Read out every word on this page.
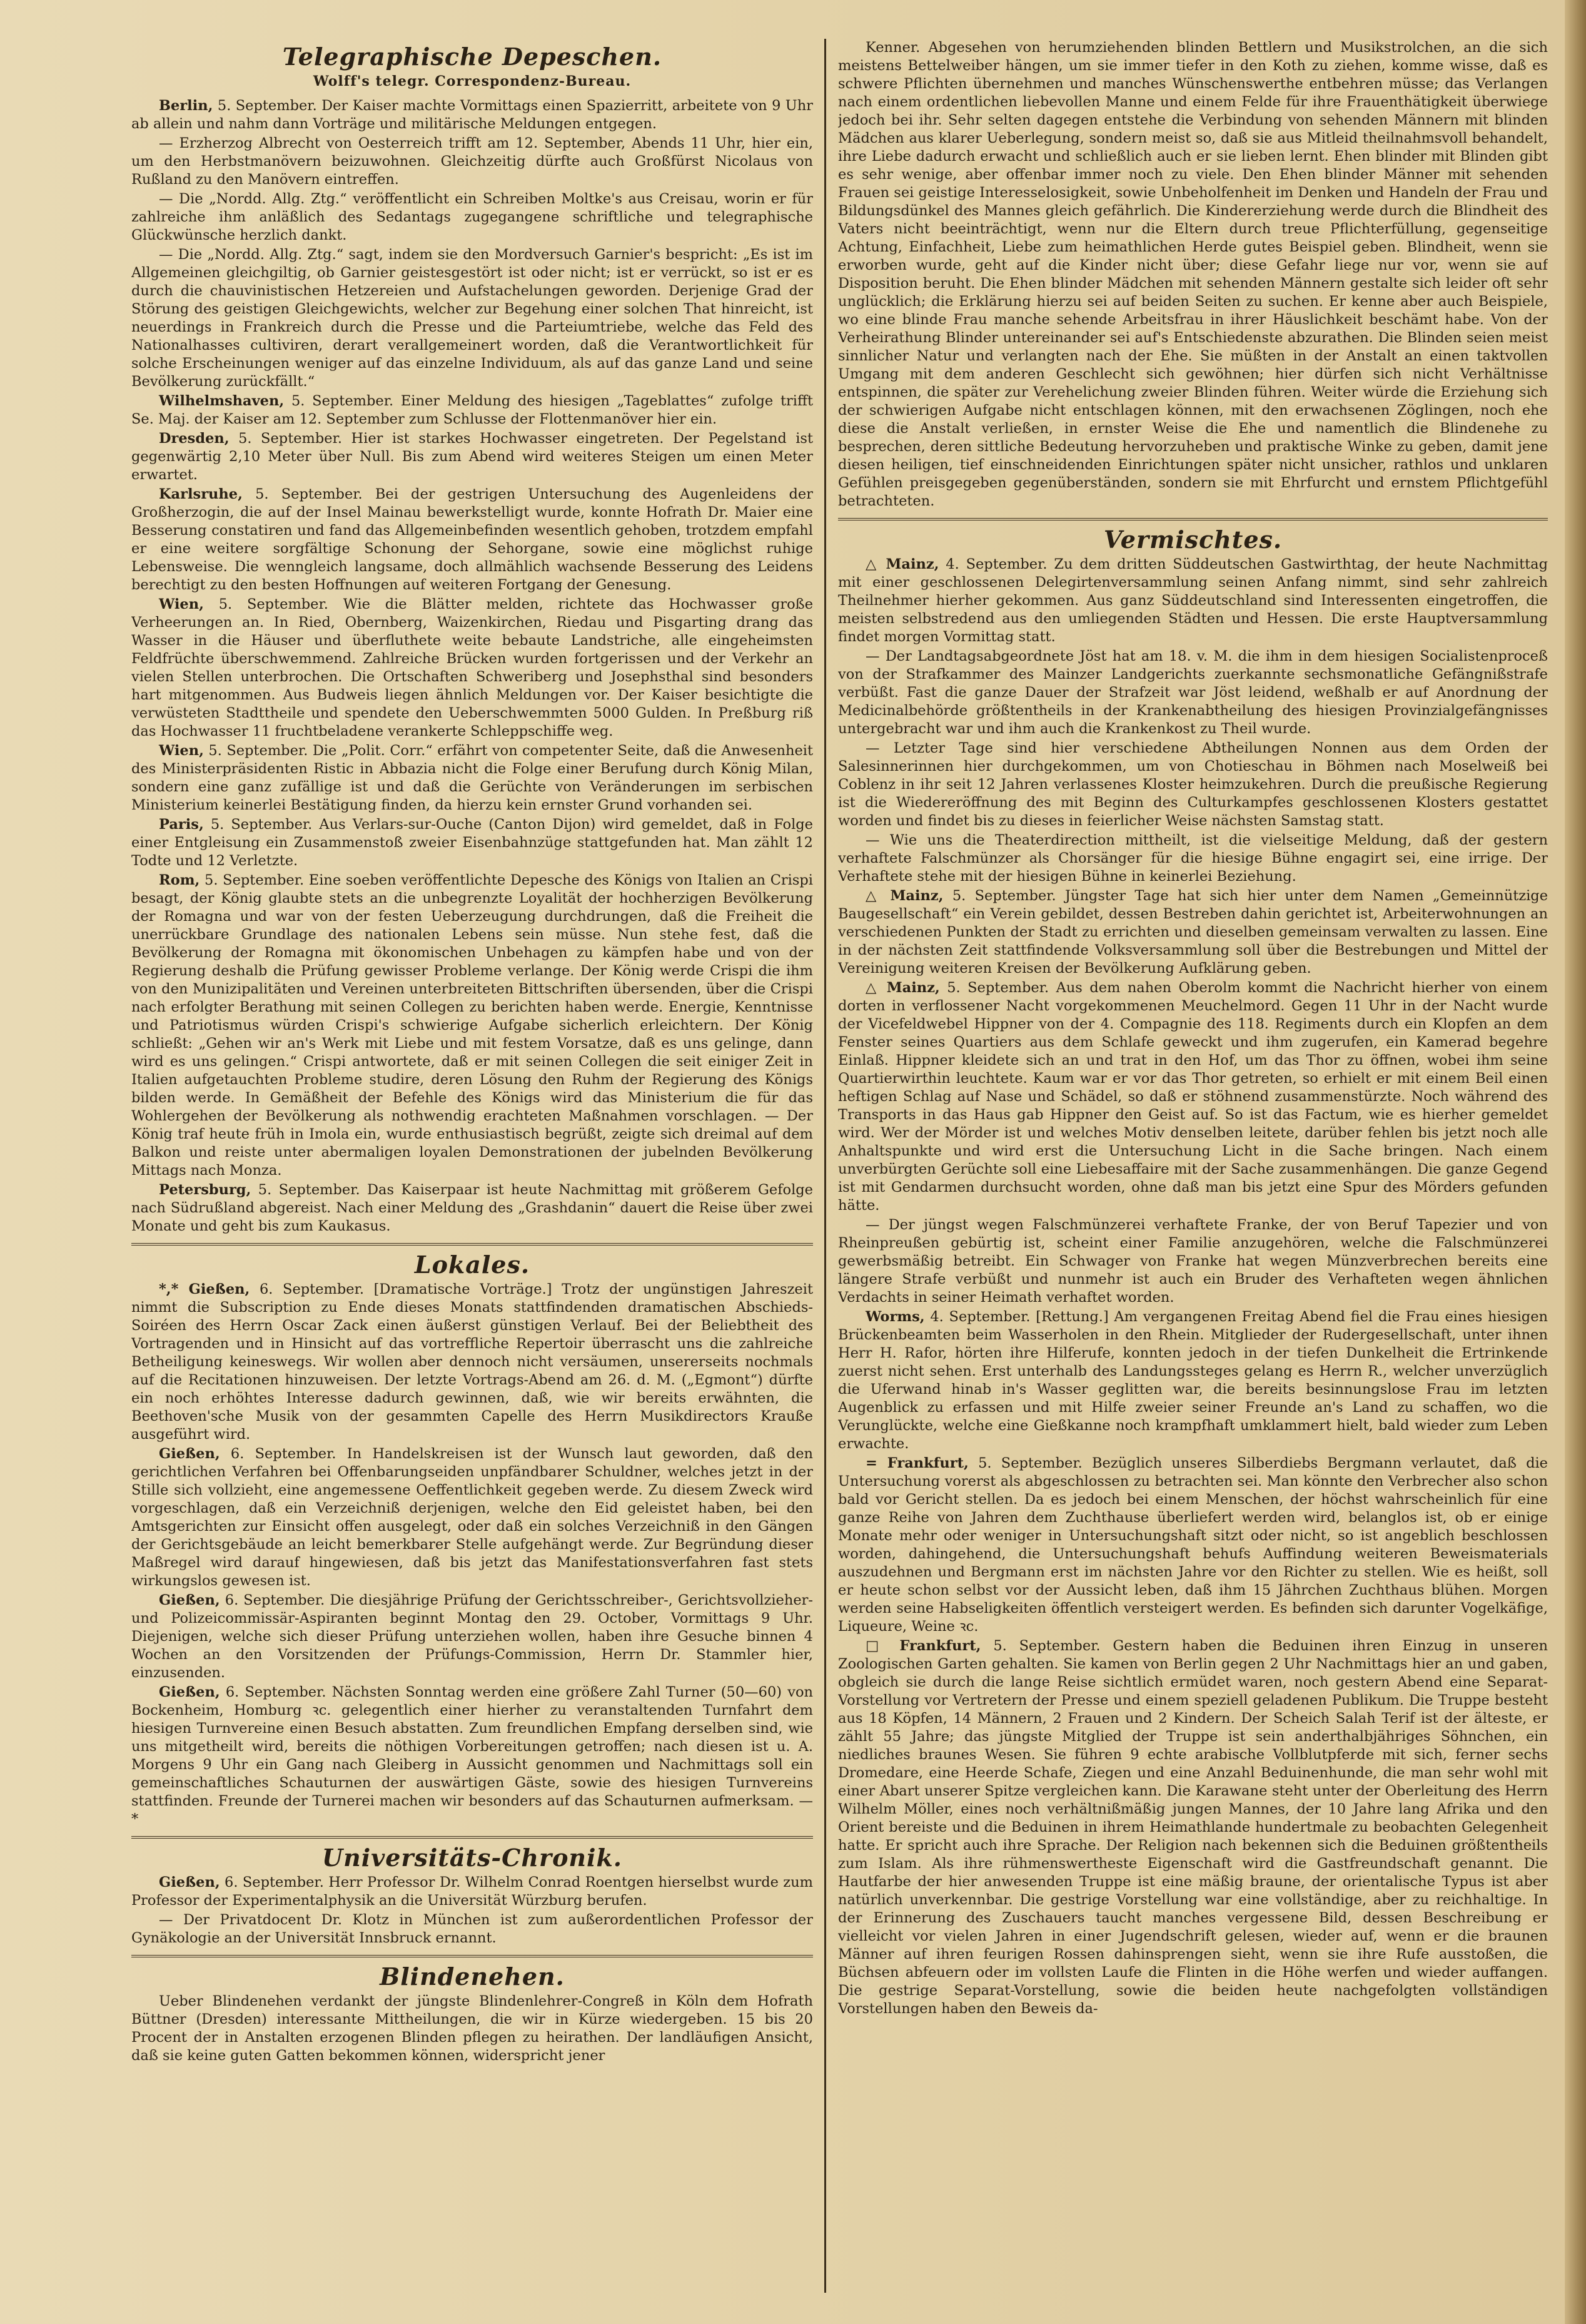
Telegraphische Depeschen.
Wolff's telegr. Correspondenz-Bureau.

Berlin, 5. September. Der Kaiser machte Vormittags einen Spazierritt, arbeitete von 9 Uhr ab allein und nahm dann Vorträge und militärische Meldungen entgegen.

— Erzherzog Albrecht von Oesterreich trifft am 12. September, Abends 11 Uhr, hier ein, um den Herbstmanövern beizuwohnen. Gleichzeitig dürfte auch Großfürst Nicolaus von Rußland zu den Manövern eintreffen.

— Die „Nordd. Allg. Ztg.“ veröffentlicht ein Schreiben Moltke's aus Creisau, worin er für zahlreiche ihm anläßlich des Sedantags zugegangene schriftliche und telegraphische Glückwünsche herzlich dankt.

— Die „Nordd. Allg. Ztg.“ sagt, indem sie den Mordversuch Garnier's bespricht: „Es ist im Allgemeinen gleichgiltig, ob Garnier geistesgestört ist oder nicht; ist er verrückt, so ist er es durch die chauvinistischen Hetzereien und Aufstachelungen geworden. Derjenige Grad der Störung des geistigen Gleichgewichts, welcher zur Begehung einer solchen That hinreicht, ist neuerdings in Frankreich durch die Presse und die Parteiumtriebe, welche das Feld des Nationalhasses cultiviren, derart verallgemeinert worden, daß die Verantwortlichkeit für solche Erscheinungen weniger auf das einzelne Individuum, als auf das ganze Land und seine Bevölkerung zurückfällt.“

Wilhelmshaven, 5. September. Einer Meldung des hiesigen „Tageblattes“ zufolge trifft Se. Maj. der Kaiser am 12. September zum Schlusse der Flottenmanöver hier ein.

Dresden, 5. September. Hier ist starkes Hochwasser eingetreten. Der Pegelstand ist gegenwärtig 2,10 Meter über Null. Bis zum Abend wird weiteres Steigen um einen Meter erwartet.

Karlsruhe, 5. September. Bei der gestrigen Untersuchung des Augenleidens der Großherzogin, die auf der Insel Mainau bewerkstelligt wurde, konnte Hofrath Dr. Maier eine Besserung constatiren und fand das Allgemeinbefinden wesentlich gehoben, trotzdem empfahl er eine weitere sorgfältige Schonung der Sehorgane, sowie eine möglichst ruhige Lebensweise. Die wenngleich langsame, doch allmählich wachsende Besserung des Leidens berechtigt zu den besten Hoffnungen auf weiteren Fortgang der Genesung.

Wien, 5. September. Wie die Blätter melden, richtete das Hochwasser große Verheerungen an. In Ried, Obernberg, Waizenkirchen, Riedau und Pisgarting drang das Wasser in die Häuser und überfluthete weite bebaute Landstriche, alle eingeheimsten Feldfrüchte überschwemmend. Zahlreiche Brücken wurden fortgerissen und der Verkehr an vielen Stellen unterbrochen. Die Ortschaften Schweriberg und Josephsthal sind besonders hart mitgenommen. Aus Budweis liegen ähnlich Meldungen vor. Der Kaiser besichtigte die verwüsteten Stadttheile und spendete den Ueberschwemmten 5000 Gulden. In Preßburg riß das Hochwasser 11 fruchtbeladene verankerte Schleppschiffe weg.

Wien, 5. September. Die „Polit. Corr.“ erfährt von competenter Seite, daß die Anwesenheit des Ministerpräsidenten Ristic in Abbazia nicht die Folge einer Berufung durch König Milan, sondern eine ganz zufällige ist und daß die Gerüchte von Veränderungen im serbischen Ministerium keinerlei Bestätigung finden, da hierzu kein ernster Grund vorhanden sei.

Paris, 5. September. Aus Verlars-sur-Ouche (Canton Dijon) wird gemeldet, daß in Folge einer Entgleisung ein Zusammenstoß zweier Eisenbahnzüge stattgefunden hat. Man zählt 12 Todte und 12 Verletzte.

Rom, 5. September. Eine soeben veröffentlichte Depesche des Königs von Italien an Crispi besagt, der König glaubte stets an die unbegrenzte Loyalität der hochherzigen Bevölkerung der Romagna und war von der festen Ueberzeugung durchdrungen, daß die Freiheit die unerrückbare Grundlage des nationalen Lebens sein müsse. Nun stehe fest, daß die Bevölkerung der Romagna mit ökonomischen Unbehagen zu kämpfen habe und von der Regierung deshalb die Prüfung gewisser Probleme verlange. Der König werde Crispi die ihm von den Munizipalitäten und Vereinen unterbreiteten Bittschriften übersenden, über die Crispi nach erfolgter Berathung mit seinen Collegen zu berichten haben werde. Energie, Kenntnisse und Patriotismus würden Crispi's schwierige Aufgabe sicherlich erleichtern. Der König schließt: „Gehen wir an's Werk mit Liebe und mit festem Vorsatze, daß es uns gelinge, dann wird es uns gelingen.“ Crispi antwortete, daß er mit seinen Collegen die seit einiger Zeit in Italien aufgetauchten Probleme studire, deren Lösung den Ruhm der Regierung des Königs bilden werde. In Gemäßheit der Befehle des Königs wird das Ministerium die für das Wohlergehen der Bevölkerung als nothwendig erachteten Maßnahmen vorschlagen. — Der König traf heute früh in Imola ein, wurde enthusiastisch begrüßt, zeigte sich dreimal auf dem Balkon und reiste unter abermaligen loyalen Demonstrationen der jubelnden Bevölkerung Mittags nach Monza.

Petersburg, 5. September. Das Kaiserpaar ist heute Nachmittag mit größerem Gefolge nach Südrußland abgereist. Nach einer Meldung des „Grashdanin“ dauert die Reise über zwei Monate und geht bis zum Kaukasus.

Lokales.

*,* Gießen, 6. September. [Dramatische Vorträge.] Trotz der ungünstigen Jahreszeit nimmt die Subscription zu Ende dieses Monats stattfindenden dramatischen Abschieds-Soiréen des Herrn Oscar Zack einen äußerst günstigen Verlauf. Bei der Beliebtheit des Vortragenden und in Hinsicht auf das vortreffliche Repertoir überrascht uns die zahlreiche Betheiligung keineswegs. Wir wollen aber dennoch nicht versäumen, unsererseits nochmals auf die Recitationen hinzuweisen. Der letzte Vortrags-Abend am 26. d. M. („Egmont“) dürfte ein noch erhöhtes Interesse dadurch gewinnen, daß, wie wir bereits erwähnten, die Beethoven'sche Musik von der gesammten Capelle des Herrn Musikdirectors Krauße ausgeführt wird.

Gießen, 6. September. In Handelskreisen ist der Wunsch laut geworden, daß den gerichtlichen Verfahren bei Offenbarungseiden unpfändbarer Schuldner, welches jetzt in der Stille sich vollzieht, eine angemessene Oeffentlichkeit gegeben werde. Zu diesem Zweck wird vorgeschlagen, daß ein Verzeichniß derjenigen, welche den Eid geleistet haben, bei den Amtsgerichten zur Einsicht offen ausgelegt, oder daß ein solches Verzeichniß in den Gängen der Gerichtsgebäude an leicht bemerkbarer Stelle aufgehängt werde. Zur Begründung dieser Maßregel wird darauf hingewiesen, daß bis jetzt das Manifestationsverfahren fast stets wirkungslos gewesen ist.

Gießen, 6. September. Die diesjährige Prüfung der Gerichtsschreiber-, Gerichtsvollzieher- und Polizeicommissär-Aspiranten beginnt Montag den 29. October, Vormittags 9 Uhr. Diejenigen, welche sich dieser Prüfung unterziehen wollen, haben ihre Gesuche binnen 4 Wochen an den Vorsitzenden der Prüfungs-Commission, Herrn Dr. Stammler hier, einzusenden.

Gießen, 6. September. Nächsten Sonntag werden eine größere Zahl Turner (50—60) von Bockenheim, Homburg ꝛc. gelegentlich einer hierher zu veranstaltenden Turnfahrt dem hiesigen Turnvereine einen Besuch abstatten. Zum freundlichen Empfang derselben sind, wie uns mitgetheilt wird, bereits die nöthigen Vorbereitungen getroffen; nach diesen ist u. A. Morgens 9 Uhr ein Gang nach Gleiberg in Aussicht genommen und Nachmittags soll ein gemeinschaftliches Schauturnen der auswärtigen Gäste, sowie des hiesigen Turnvereins stattfinden. Freunde der Turnerei machen wir besonders auf das Schauturnen aufmerksam. —*

Universitäts-Chronik.

Gießen, 6. September. Herr Professor Dr. Wilhelm Conrad Roentgen hierselbst wurde zum Professor der Experimentalphysik an die Universität Würzburg berufen.

— Der Privatdocent Dr. Klotz in München ist zum außerordentlichen Professor der Gynäkologie an der Universität Innsbruck ernannt.

Blindenehen.

Ueber Blindenehen verdankt der jüngste Blindenlehrer-Congreß in Köln dem Hofrath Büttner (Dresden) interessante Mittheilungen, die wir in Kürze wiedergeben. 15 bis 20 Procent der in Anstalten erzogenen Blinden pflegen zu heirathen. Der landläufigen Ansicht, daß sie keine guten Gatten bekommen können, widerspricht jener

Kenner. Abgesehen von herumziehenden blinden Bettlern und Musikstrolchen, an die sich meistens Bettelweiber hängen, um sie immer tiefer in den Koth zu ziehen, komme wisse, daß es schwere Pflichten übernehmen und manches Wünschenswerthe entbehren müsse; das Verlangen nach einem ordentlichen liebevollen Manne und einem Felde für ihre Frauenthätigkeit überwiege jedoch bei ihr. Sehr selten dagegen entstehe die Verbindung von sehenden Männern mit blinden Mädchen aus klarer Ueberlegung, sondern meist so, daß sie aus Mitleid theilnahmsvoll behandelt, ihre Liebe dadurch erwacht und schließlich auch er sie lieben lernt. Ehen blinder mit Blinden gibt es sehr wenige, aber offenbar immer noch zu viele. Den Ehen blinder Männer mit sehenden Frauen sei geistige Interesselosigkeit, sowie Unbeholfenheit im Denken und Handeln der Frau und Bildungsdünkel des Mannes gleich gefährlich. Die Kindererziehung werde durch die Blindheit des Vaters nicht beeinträchtigt, wenn nur die Eltern durch treue Pflichterfüllung, gegenseitige Achtung, Einfachheit, Liebe zum heimathlichen Herde gutes Beispiel geben. Blindheit, wenn sie erworben wurde, geht auf die Kinder nicht über; diese Gefahr liege nur vor, wenn sie auf Disposition beruht. Die Ehen blinder Mädchen mit sehenden Männern gestalte sich leider oft sehr unglücklich; die Erklärung hierzu sei auf beiden Seiten zu suchen. Er kenne aber auch Beispiele, wo eine blinde Frau manche sehende Arbeitsfrau in ihrer Häuslichkeit beschämt habe. Von der Verheirathung Blinder untereinander sei auf's Entschiedenste abzurathen. Die Blinden seien meist sinnlicher Natur und verlangten nach der Ehe. Sie müßten in der Anstalt an einen taktvollen Umgang mit dem anderen Geschlecht sich gewöhnen; hier dürfen sich nicht Verhältnisse entspinnen, die später zur Verehelichung zweier Blinden führen. Weiter würde die Erziehung sich der schwierigen Aufgabe nicht entschlagen können, mit den erwachsenen Zöglingen, noch ehe diese die Anstalt verließen, in ernster Weise die Ehe und namentlich die Blindenehe zu besprechen, deren sittliche Bedeutung hervorzuheben und praktische Winke zu geben, damit jene diesen heiligen, tief einschneidenden Einrichtungen später nicht unsicher, rathlos und unklaren Gefühlen preisgegeben gegenüberständen, sondern sie mit Ehrfurcht und ernstem Pflichtgefühl betrachteten.

Vermischtes.

△ Mainz, 4. September. Zu dem dritten Süddeutschen Gastwirthtag, der heute Nachmittag mit einer geschlossenen Delegirtenversammlung seinen Anfang nimmt, sind sehr zahlreich Theilnehmer hierher gekommen. Aus ganz Süddeutschland sind Interessenten eingetroffen, die meisten selbstredend aus den umliegenden Städten und Hessen. Die erste Hauptversammlung findet morgen Vormittag statt.

— Der Landtagsabgeordnete Jöst hat am 18. v. M. die ihm in dem hiesigen Socialistenproceß von der Strafkammer des Mainzer Landgerichts zuerkannte sechsmonatliche Gefängnißstrafe verbüßt. Fast die ganze Dauer der Strafzeit war Jöst leidend, weßhalb er auf Anordnung der Medicinalbehörde größtentheils in der Krankenabtheilung des hiesigen Provinzialgefängnisses untergebracht war und ihm auch die Krankenkost zu Theil wurde.

— Letzter Tage sind hier verschiedene Abtheilungen Nonnen aus dem Orden der Salesinnerinnen hier durchgekommen, um von Chotieschau in Böhmen nach Moselweiß bei Coblenz in ihr seit 12 Jahren verlassenes Kloster heimzukehren. Durch die preußische Regierung ist die Wiedereröffnung des mit Beginn des Culturkampfes geschlossenen Klosters gestattet worden und findet bis zu dieses in feierlicher Weise nächsten Samstag statt.

— Wie uns die Theaterdirection mittheilt, ist die vielseitige Meldung, daß der gestern verhaftete Falschmünzer als Chorsänger für die hiesige Bühne engagirt sei, eine irrige. Der Verhaftete stehe mit der hiesigen Bühne in keinerlei Beziehung.

△ Mainz, 5. September. Jüngster Tage hat sich hier unter dem Namen „Gemeinnützige Baugesellschaft“ ein Verein gebildet, dessen Bestreben dahin gerichtet ist, Arbeiterwohnungen an verschiedenen Punkten der Stadt zu errichten und dieselben gemeinsam verwalten zu lassen. Eine in der nächsten Zeit stattfindende Volksversammlung soll über die Bestrebungen und Mittel der Vereinigung weiteren Kreisen der Bevölkerung Aufklärung geben.

△ Mainz, 5. September. Aus dem nahen Oberolm kommt die Nachricht hierher von einem dorten in verflossener Nacht vorgekommenen Meuchelmord. Gegen 11 Uhr in der Nacht wurde der Vicefeldwebel Hippner von der 4. Compagnie des 118. Regiments durch ein Klopfen an dem Fenster seines Quartiers aus dem Schlafe geweckt und ihm zugerufen, ein Kamerad begehre Einlaß. Hippner kleidete sich an und trat in den Hof, um das Thor zu öffnen, wobei ihm seine Quartierwirthin leuchtete. Kaum war er vor das Thor getreten, so erhielt er mit einem Beil einen heftigen Schlag auf Nase und Schädel, so daß er stöhnend zusammenstürzte. Noch während des Transports in das Haus gab Hippner den Geist auf. So ist das Factum, wie es hierher gemeldet wird. Wer der Mörder ist und welches Motiv denselben leitete, darüber fehlen bis jetzt noch alle Anhaltspunkte und wird erst die Untersuchung Licht in die Sache bringen. Nach einem unverbürgten Gerüchte soll eine Liebesaffaire mit der Sache zusammenhängen. Die ganze Gegend ist mit Gendarmen durchsucht worden, ohne daß man bis jetzt eine Spur des Mörders gefunden hätte.

— Der jüngst wegen Falschmünzerei verhaftete Franke, der von Beruf Tapezier und von Rheinpreußen gebürtig ist, scheint einer Familie anzugehören, welche die Falschmünzerei gewerbsmäßig betreibt. Ein Schwager von Franke hat wegen Münzverbrechen bereits eine längere Strafe verbüßt und nunmehr ist auch ein Bruder des Verhafteten wegen ähnlichen Verdachts in seiner Heimath verhaftet worden.

Worms, 4. September. [Rettung.] Am vergangenen Freitag Abend fiel die Frau eines hiesigen Brückenbeamten beim Wasserholen in den Rhein. Mitglieder der Rudergesellschaft, unter ihnen Herr H. Rafor, hörten ihre Hilferufe, konnten jedoch in der tiefen Dunkelheit die Ertrinkende zuerst nicht sehen. Erst unterhalb des Landungssteges gelang es Herrn R., welcher unverzüglich die Uferwand hinab in's Wasser geglitten war, die bereits besinnungslose Frau im letzten Augenblick zu erfassen und mit Hilfe zweier seiner Freunde an's Land zu schaffen, wo die Verunglückte, welche eine Gießkanne noch krampfhaft umklammert hielt, bald wieder zum Leben erwachte.

= Frankfurt, 5. September. Bezüglich unseres Silberdiebs Bergmann verlautet, daß die Untersuchung vorerst als abgeschlossen zu betrachten sei. Man könnte den Verbrecher also schon bald vor Gericht stellen. Da es jedoch bei einem Menschen, der höchst wahrscheinlich für eine ganze Reihe von Jahren dem Zuchthause überliefert werden wird, belanglos ist, ob er einige Monate mehr oder weniger in Untersuchungshaft sitzt oder nicht, so ist angeblich beschlossen worden, dahingehend, die Untersuchungshaft behufs Auffindung weiteren Beweismaterials auszudehnen und Bergmann erst im nächsten Jahre vor den Richter zu stellen. Wie es heißt, soll er heute schon selbst vor der Aussicht leben, daß ihm 15 Jährchen Zuchthaus blühen. Morgen werden seine Habseligkeiten öffentlich versteigert werden. Es befinden sich darunter Vogelkäfige, Liqueure, Weine ꝛc.

□ Frankfurt, 5. September. Gestern haben die Beduinen ihren Einzug in unseren Zoologischen Garten gehalten. Sie kamen von Berlin gegen 2 Uhr Nachmittags hier an und gaben, obgleich sie durch die lange Reise sichtlich ermüdet waren, noch gestern Abend eine Separat-Vorstellung vor Vertretern der Presse und einem speziell geladenen Publikum. Die Truppe besteht aus 18 Köpfen, 14 Männern, 2 Frauen und 2 Kindern. Der Scheich Salah Terif ist der älteste, er zählt 55 Jahre; das jüngste Mitglied der Truppe ist sein anderthalbjähriges Söhnchen, ein niedliches braunes Wesen. Sie führen 9 echte arabische Vollblutpferde mit sich, ferner sechs Dromedare, eine Heerde Schafe, Ziegen und eine Anzahl Beduinenhunde, die man sehr wohl mit einer Abart unserer Spitze vergleichen kann. Die Karawane steht unter der Oberleitung des Herrn Wilhelm Möller, eines noch verhältnißmäßig jungen Mannes, der 10 Jahre lang Afrika und den Orient bereiste und die Beduinen in ihrem Heimathlande hundertmale zu beobachten Gelegenheit hatte. Er spricht auch ihre Sprache. Der Religion nach bekennen sich die Beduinen größtentheils zum Islam. Als ihre rühmenswertheste Eigenschaft wird die Gastfreundschaft genannt. Die Hautfarbe der hier anwesenden Truppe ist eine mäßig braune, der orientalische Typus ist aber natürlich unverkennbar. Die gestrige Vorstellung war eine vollständige, aber zu reichhaltige. In der Erinnerung des Zuschauers taucht manches vergessene Bild, dessen Beschreibung er vielleicht vor vielen Jahren in einer Jugendschrift gelesen, wieder auf, wenn er die braunen Männer auf ihren feurigen Rossen dahinsprengen sieht, wenn sie ihre Rufe ausstoßen, die Büchsen abfeuern oder im vollsten Laufe die Flinten in die Höhe werfen und wieder auffangen. Die gestrige Separat-Vorstellung, sowie die beiden heute nachgefolgten vollständigen Vorstellungen haben den Beweis da-
